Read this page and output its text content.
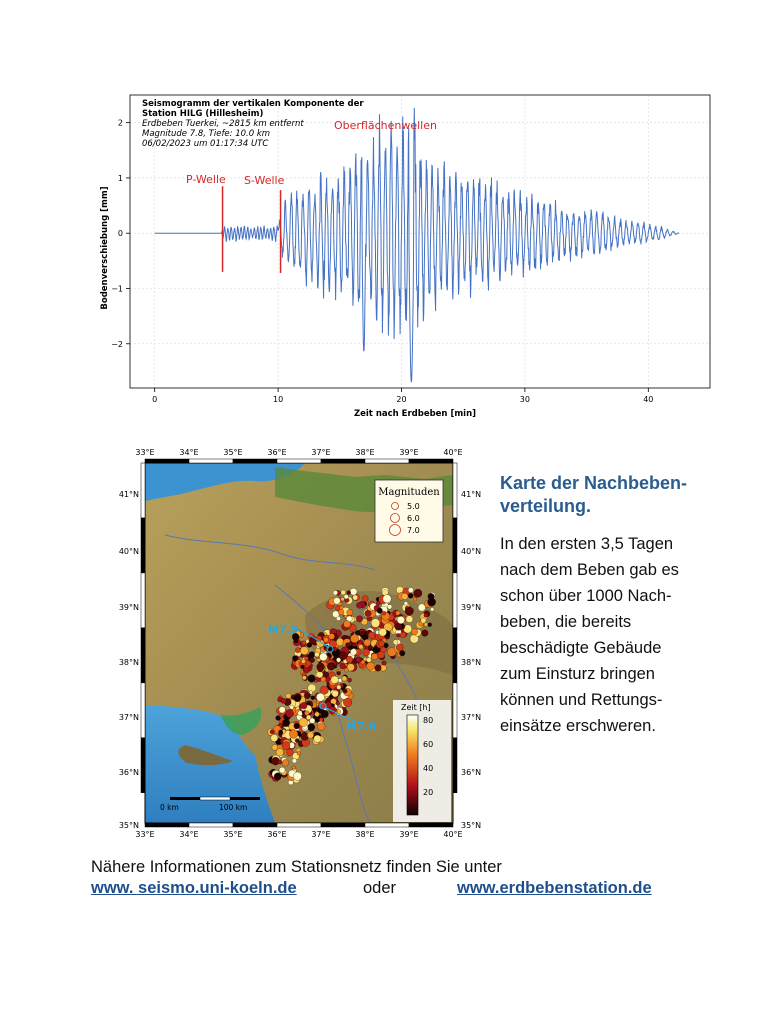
0	10	20	30	40
2
1
0
−1
−2
P-Welle S-Welle
Oberflächenwellen
Seismogramm der vertikalen Komponente der
Station HILG (Hillesheim)
Erdbeben Tuerkei, ~2815 km entfernt
Magnitude 7.8, Tiefe: 10.0 km
06/02/2023 um 01:17:34 UTC
Zeit nach Erdbeben [min]
Bodenverschiebung [mm]
33°E
33°E
34°E
34°E
35°E
35°E
36°E
36°E
37°E
37°E
38°E
38°E
39°E
39°E
40°E
40°E
41°N	41°N
40°N	40°N
39°N	39°N
38°N	38°N
37°N	37°N
36°N	36°N
35°N	35°N
Magnituden
5.0
6.0
7.0
M7.5
M7.8
0 km	100 km
Zeit [h]
80
60
40
20
Karte der Nachbeben-
verteilung.

In den ersten 3,5 Tagen
nach dem Beben gab es
schon über 1000 Nach-
beben, die bereits
beschädigte Gebäude
zum Einsturz bringen
können und Rettungs-
einsätze erschweren.

Nähere Informationen zum Stationsnetz finden Sie unter
www. seismo.uni-koeln.de	oder	www.erdbebenstation.de
